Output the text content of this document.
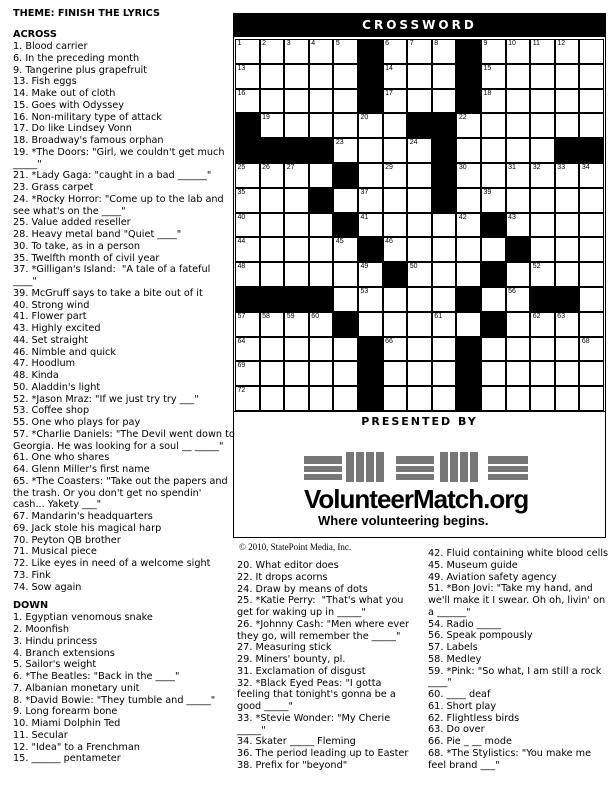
THEME: FINISH THE LYRICS
ACROSS
1. Blood carrier
6. In the preceding month
9. Tangerine plus grapefruit
13. Fish eggs
14. Make out of cloth
15. Goes with Odyssey
16. Non-military type of attack
17. Do like Lindsey Vonn
18. Broadway's famous orphan
19. *The Doors: "Girl, we couldn't get much _____"
21. *Lady Gaga: "caught in a bad ______"
23. Grass carpet
24. *Rocky Horror: "Come up to the lab and see what's on the ____"
25. Value added reseller
28. Heavy metal band "Quiet ____"
30. To take, as in a person
35. Twelfth month of civil year
37. *Gilligan's Island:  "A tale of a fateful ____"
39. McGruff says to take a bite out of it
40. Strong wind
41. Flower part
43. Highly excited
44. Set straight
46. Nimble and quick
47. Hoodlum
48. Kinda
50. Aladdin's light
52. *Jason Mraz: "If we just try try ___"
53. Coffee shop
55. One who plays for pay
57. *Charlie Daniels: "The Devil went down to Georgia. He was looking for a soul __ _____"
61. One who shares
64. Glenn Miller's first name
65. *The Coasters: "Take out the papers and the trash. Or you don't get no spendin' cash... Yakety ___"
67. Mandarin's headquarters
69. Jack stole his magical harp
70. Peyton QB brother
71. Musical piece
72. Like eyes in need of a welcome sight
73. Fink
74. Sow again
DOWN
1. Egyptian venomous snake
2. Moonfish
3. Hindu princess
4. Branch extensions
5. Sailor's weight
6. *The Beatles: "Back in the ____"
7. Albanian monetary unit
8. *David Bowie: "They tumble and _____"
9. Long forearm bone
10. Miami Dolphin Ted
11. Secular
12. "Idea" to a Frenchman
15. ______ pentameter
CROSSWORD
1	2	3	4	5	6	7	8	9	10 11 12
13	14	15
16	17	18
19	20	22
23	24
25 26 27	29	30	31 32 33 34
35	37	39
40	41	42	43
44	45	46
48	49	50	52
53	56
57 58 59 60	61	62 63
64	66	68
69
72
PRESENTED BY
VolunteerMatch.org
Where volunteering begins.
© 2010, StatePoint Media, Inc.
20. What editor does
22. It drops acorns
24. Draw by means of dots
25. *Katie Perry:  "That's what you get for waking up in _____"
26. *Johnny Cash: "Men where ever they go, will remember the _____"
27. Measuring stick
29. Miners' bounty, pl.
31. Exclamation of disgust
32. *Black Eyed Peas: "I gotta feeling that tonight's gonna be a good _____"
33. *Stevie Wonder: "My Cherie _____"
34. Skater _____ Fleming
36. The period leading up to Easter
38. Prefix for "beyond"
42. Fluid containing white blood cells
45. Museum guide
49. Aviation safety agency
51. *Bon Jovi: "Take my hand, and we'll make it I swear. Oh oh, livin' on a ______"
54. Radio _____
56. Speak pompously
57. Labels
58. Medley
59. *Pink: "So what, I am still a rock ____"
60. ____ deaf
61. Short play
62. Flightless birds
63. Do over
66. Pie _ __ mode
68. *The Stylistics: "You make me feel brand ___"
